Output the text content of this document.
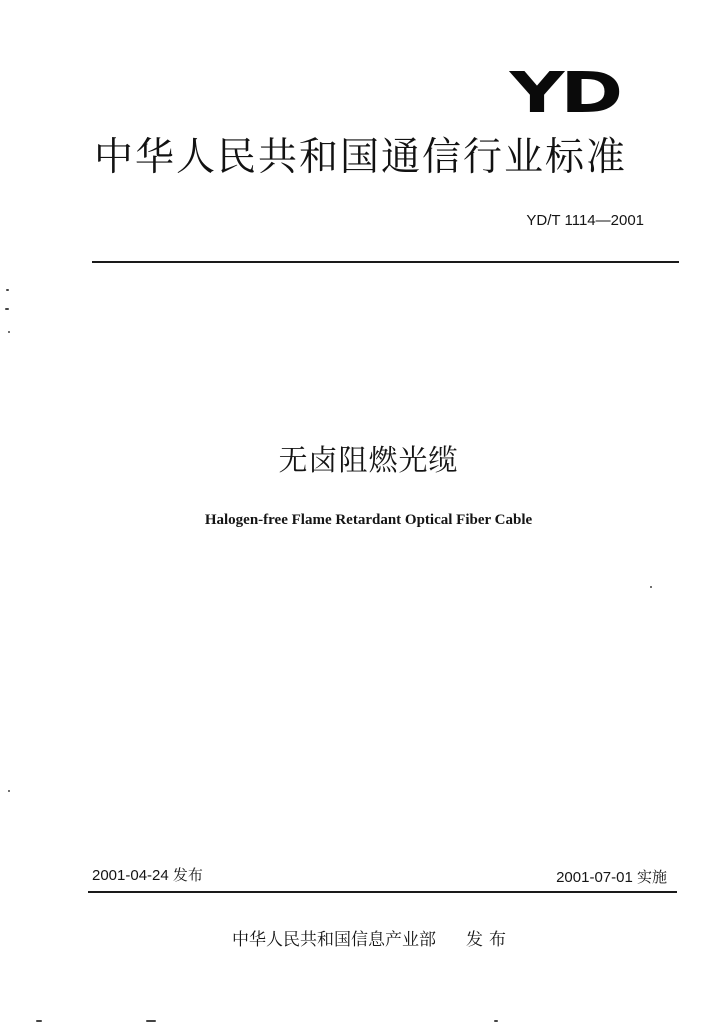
YD
中华人民共和国通信行业标准
YD/T 1114—2001
无卤阻燃光缆
Halogen-free Flame Retardant Optical Fiber Cable
2001-04-24 发布	2001-07-01 实施
中华人民共和国信息产业部 发布
